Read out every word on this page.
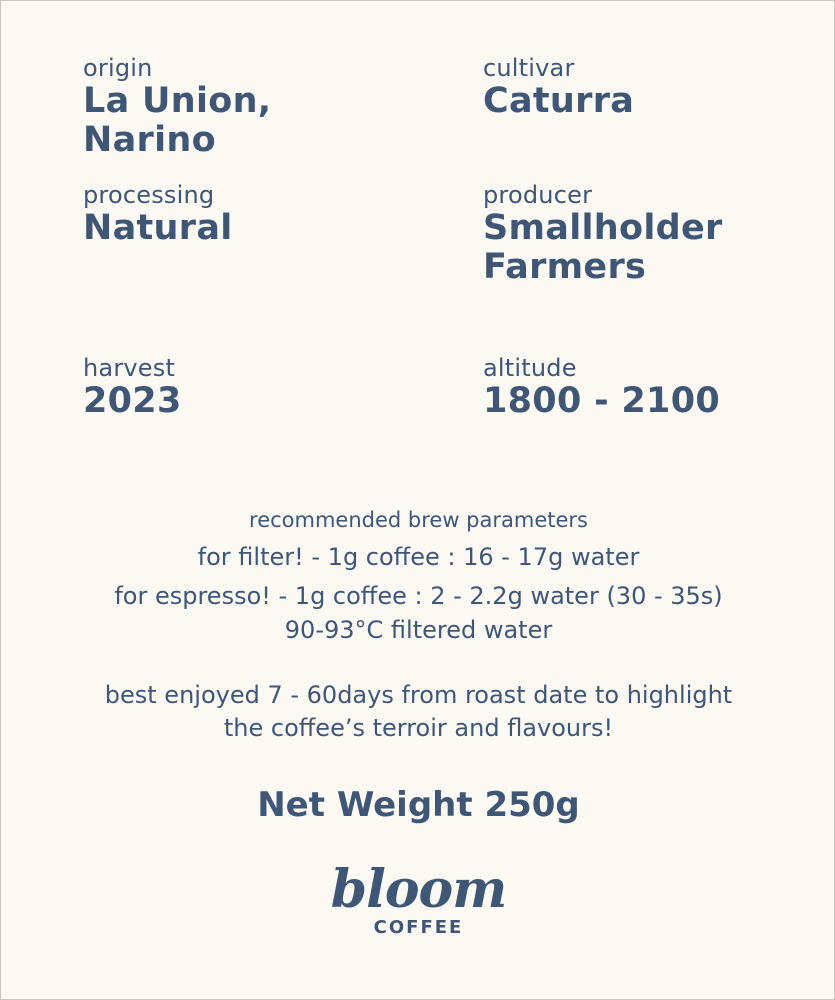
origin
La Union,
Narino
cultivar
Caturra
processing
Natural
producer
Smallholder
Farmers
harvest
2023
altitude
1800 - 2100
recommended brew parameters
for filter! - 1g coffee : 16 - 17g water
for espresso! - 1g coffee : 2 - 2.2g water (30 - 35s)
90-93°C filtered water
best enjoyed 7 - 60days from roast date to highlight
the coffee’s terroir and flavours!
Net Weight 250g
bloom
COFFEE
